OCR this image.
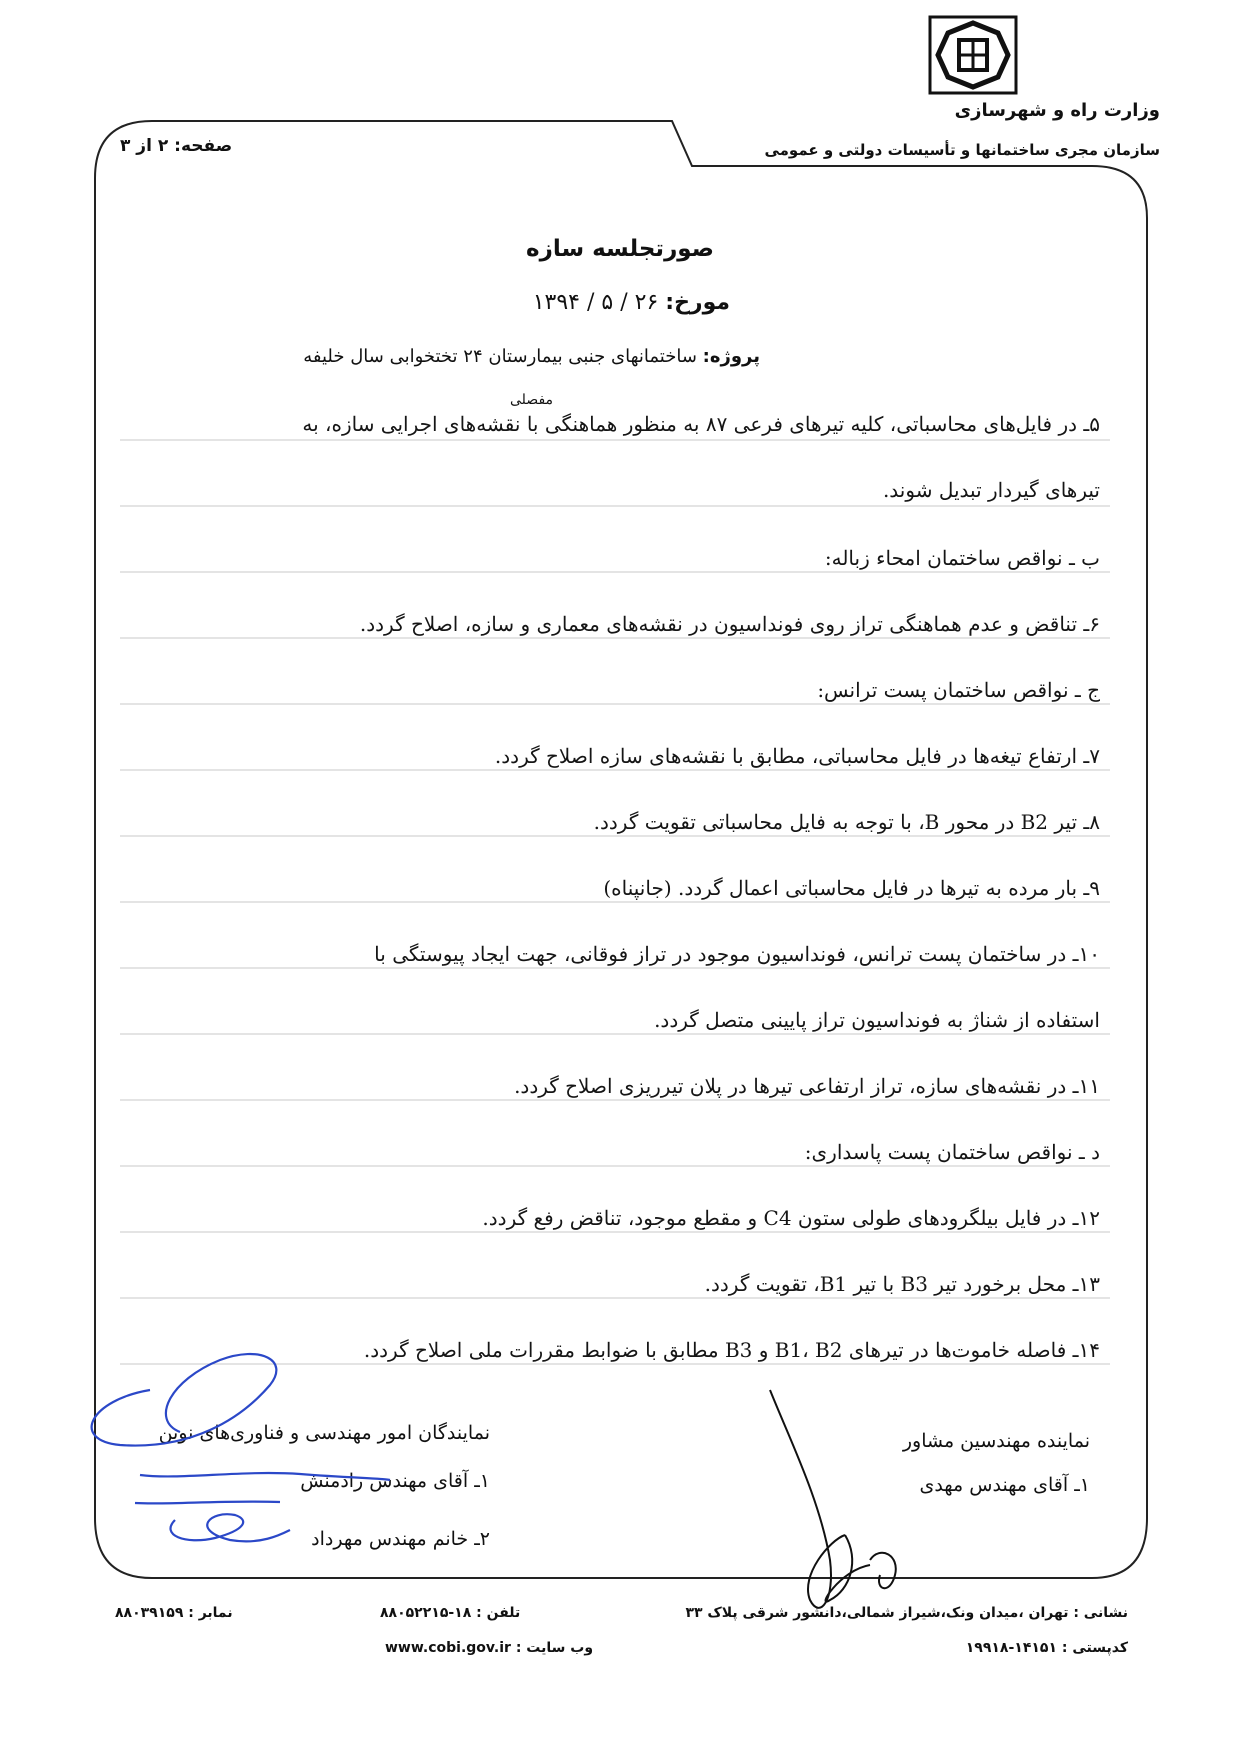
وزارت راه و شهرسازی
سازمان مجری ساختمانها و تأسیسات دولتی و عمومی
صفحه: ۲ از ۳
صورتجلسه سازه
مورخ: ۲۶ / ۵ / ۱۳۹۴
پروژه: ساختمانهای جنبی بیمارستان ۲۴ تختخوابی سال خلیفه
مفصلی
۵ـ در فایل‌های محاسباتی، کلیه تیرهای فرعی ۸۷ به منظور هماهنگی با نقشه‌های اجرایی سازه، به
تیرهای گیردار تبدیل شوند.
ب ـ نواقص ساختمان امحاء زباله:
۶ـ تناقض و عدم هماهنگی تراز روی فونداسیون در نقشه‌های معماری و سازه، اصلاح گردد.
ج ـ نواقص ساختمان پست ترانس:
۷ـ ارتفاع تیغه‌ها در فایل محاسباتی، مطابق با نقشه‌های سازه اصلاح گردد.
۸ـ تیر B2 در محور B، با توجه به فایل محاسباتی تقویت گردد.
۹ـ بار مرده به تیرها در فایل محاسباتی اعمال گردد. (جانپناه)
۱۰ـ در ساختمان پست ترانس، فونداسیون موجود در تراز فوقانی، جهت ایجاد پیوستگی با
استفاده از شناژ به فونداسیون تراز پایینی متصل گردد.
۱۱ـ در نقشه‌های سازه، تراز ارتفاعی تیرها در پلان تیرریزی اصلاح گردد.
د ـ نواقص ساختمان پست پاسداری:
۱۲ـ در فایل بیلگرودهای طولی ستون C4 و مقطع موجود، تناقض رفع گردد.
۱۳ـ محل برخورد تیر B3 با تیر B1، تقویت گردد.
۱۴ـ فاصله خاموت‌ها در تیرهای B1، B2 و B3 مطابق با ضوابط مقررات ملی اصلاح گردد.
نمایندگان امور مهندسی و فناوری‌های نوین
۱ـ آقای مهندس رادمنش
۲ـ خانم مهندس مهرداد
نماینده مهندسین مشاور
۱ـ آقای مهندس مهدی
نشانی : تهران ،میدان ونک،شیراز شمالی،دانشور شرقی پلاک ۳۳
کدپستی : ۱۴۱۵۱-۱۹۹۱۸
تلفن : ۱۸-۸۸۰۵۲۲۱۵
وب سایت : www.cobi.gov.ir
نمابر : ۸۸۰۳۹۱۵۹
